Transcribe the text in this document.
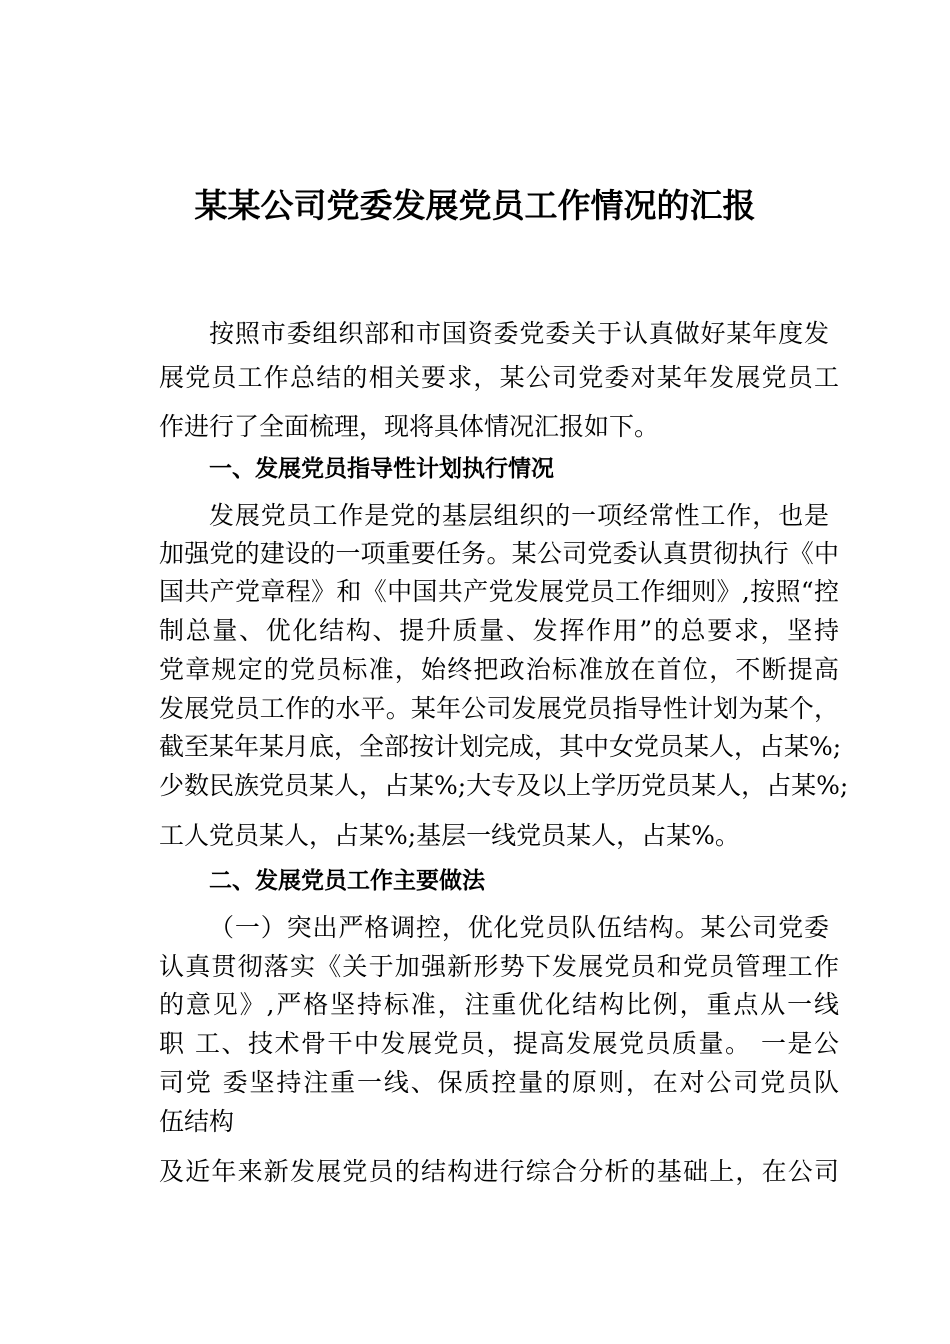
某某公司党委发展党员工作情况的汇报
按照市委组织部和市国资委党委关于认真做好某年度发
展党员工作总结的相关要求，某公司党委对某年发展党员工
作进行了全面梳理，现将具体情况汇报如下。
一、发展党员指导性计划执行情况
发展党员工作是党的基层组织的一项经常性工作，也是
加强党的建设的一项重要任务。某公司党委认真贯彻执行《中
国共产党章程》和《中国共产党发展党员工作细则》,按照“控
制总量、优化结构、提升质量、发挥作用”的总要求，坚持
党章规定的党员标准，始终把政治标准放在首位，不断提高
发展党员工作的水平。某年公司发展党员指导性计划为某个，
截至某年某月底，全部按计划完成，其中女党员某人，占某%;
少数民族党员某人，占某%;大专及以上学历党员某人，占某%;
工人党员某人，占某%;基层一线党员某人，占某%。
二、发展党员工作主要做法
（一）突出严格调控，优化党员队伍结构。某公司党委
认真贯彻落实《关于加强新形势下发展党员和党员管理工作
的意见》,严格坚持标准，注重优化结构比例，重点从一线
职 工、技术骨干中发展党员，提高发展党员质量。 一是公
司党 委坚持注重一线、保质控量的原则，在对公司党员队
伍结构
及近年来新发展党员的结构进行综合分析的基础上，在公司
